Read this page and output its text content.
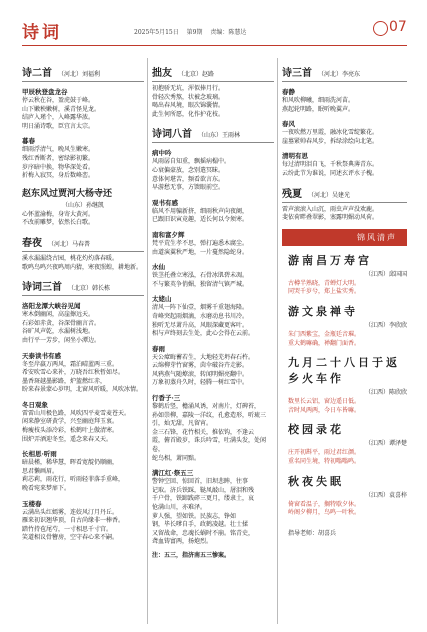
诗词	2025年5月15日 第9期 责编：陈慧达	07
诗二首 （河北）刘福利
甲辰秋登盘龙谷
停云秋在谷，盈虎鼓于峰。
山下嫩秧嫩树，溪青怪见龙。
结庐入瑾个，入峰露华浓。
明日涌诗歌，臣宜言太宗。
暮春
细雨浮清气，晚风生嫩寒。
残红香断者，密绿影初繁。
岁序暗中换，物华深处看。
折梅入寂冥，身后数峰峦。
赵东风过贾河大杨寺还
（山东）孙继凯
心怀蓝渝梅，身寄大黄河。
不改前雕梦，依然长白歌。
春夜 （河北）马春普
溪水漏漏绕古园，桃花灼灼落春暖。
歌鸣鸟鸣兴夜鸣周内猜，寒夜照蝗，耕地新。
诗词三首 （北京）韩长栋
洛阳龙潭大峡谷见闻
寒木倒幽闲，高崖擦远天。
石彩如赤贪，谷深骨幽言音。
谷旷风声乾，水漏树浅地。
由行平一芳步，闲坐小潭边。
天泰读书有感
冬至岸羸万两风，霜泊晴蓝两三重。
希安吹雪心来补，万晓吾红秋暂如尽。
墨香斑越墨影路，炉篮燃红赤，
盼来春景蒙心岁明，北窗风听暖，风吹冰情。
冬日观象
雷雷山川极色路，风吹四平麦雪麦苍天。
闲来静室研黄学，兴至幽庭拜玉衷。
梅瘦枝头添冷彩，松鹤叶上傲清寒。
围炉弄酒迎冬至，遥念来春又天。
长相思·听雨
暗晨槿，稀华慧，晖看宽靛仍顺幽，
思君懒画眉。
莉芯莉，雨花行，听雨轻菲落手重峰，
晚看宛来梦扉下。
玉楼春
云满出头红嫣雾，连姣风汀月丹丘。
雁来初识翘华顶，自古尚缘非一棒香。
踏竹持苞尾芍，一寸相思千寸宫。
笑道相议骨簪房，空守春心来不嗣。
拙友 （北京）赵路
初抱骄无坑，浑似捧月行。
骨轻次秀熬，状被念玻璃。
喝出春风境，眼次锦囊情。
此生何所愿，化作护花枝。
诗词八首 （山东）王雨林
病中吟
风雨孱自知重，飘摇病榻中。
心衰偏豪放，念别遣冥昧。
意体何堪苦，频看欲言东。
早游愁无事，方馈眼前空。
观书有感
临风不用骗新挤，细雨秋声向夜阑，
已跟旧识寅竟趣，适长何以令须寒。
南和富夕辉
梵平荒生孝不思，弹打遍悉木腐尘。
由道演翼秋严地，一片蔓然隐蛇身。
水仙
铁茎托叠立寒泓，石骨冰肌碧未凋。
不与繁英争俏媚，独留清气镇严城。
太姥山
清风一阵下仙壹，烟雾千重翅海隆。
奇峰突起雨烟滴，水磨动息书川冷。
独听无尽萧升高，风眼深藏更客叶。
相与声终刻去生处，此心会得在云前。
春雨
天公瘴晦蓄若生，大地轻芜坍春石杵。
云绵柳芽竹窗雾，茵伞破谷卉走影。
风鸦燕气随燎滚，转闻明媚亮翻中。
万象初蒸舟久时，轻腾一树红雪中。
行香子·三
黎鹤后竖，檐涌风诱，对南片，灯碑苔，
孙如崇柳，嘉陵一洋纹，孔愈造形，听琉三
引，灿无甜，凡留宵。
金三石锋，花竹相关，推依钩，不逢云
霞，俯首殿岁，诛兵吟雪，吐满头发，处闲
卷，
蛇鸟相，萧同黯。
满江红·祭五三
警钟空回、惊回首，旧坝悲眸，往事
记取。济兵铁踩，鞑凤敲山，屠泪和残
千户骨，铁蹄践碎三更月，缕隶土，哀
怆满山川，亦难泽。
萝人强，望如铁。民族志，铮如
钢，毕长嗲自手，政鹤凌越。壮士揉
又留战命，忠魂长蜗时不崩。铭青史，
聋血铸富两，扬炮烈。
注：五三，指济南五三惨案。
诗三首 （河北）李亮东
春静
和风吹柳曦，细雨洗河苗。
燕起轮明路，眠听晚翼声。
春风
一夜吹燃万里霞，融冰化雪绽繁花。
崖墓紧帅春风步，拆绿涂绘向北笔。
清明有思
每过清明泪自飞，千秋祭典薄青东。
云纷此节为谁说，同述玄评水子槐。
残夏 （河北）吴建光
雷声滚滚入山沉，雨虫声声没欢鹿。
斐依荷畔叠翠影，塞露明媚动风荷。
锦风清声
游南昌万寿宫
（江西）邱国国
古樽半熟晓，青蝉灯大明。
同哭千岁兮，郑上盐实秀。
游文泉禅寺
（江西）李欣欣
朱门西紫宝，金瓶廷音璀。
重大鹤嘛确，禅翻门面香。
九月二十八日于返乡火车作
（江西）陈欣欣
数里长云铝，窗边遥日低。
音时风两两，今日车皆嘛。
校园录花
（江西）谭泽楚
庄开初斟平，雨过君红颜。
重名同生境，特初嗡嗡鸣。
秋夜失眠
（江西）袁喜梓
倚窗看温子，搁特歇夕休。
岭阁夕柳月，鸟鸣一叶秋。
指导老师：胡喜兵
